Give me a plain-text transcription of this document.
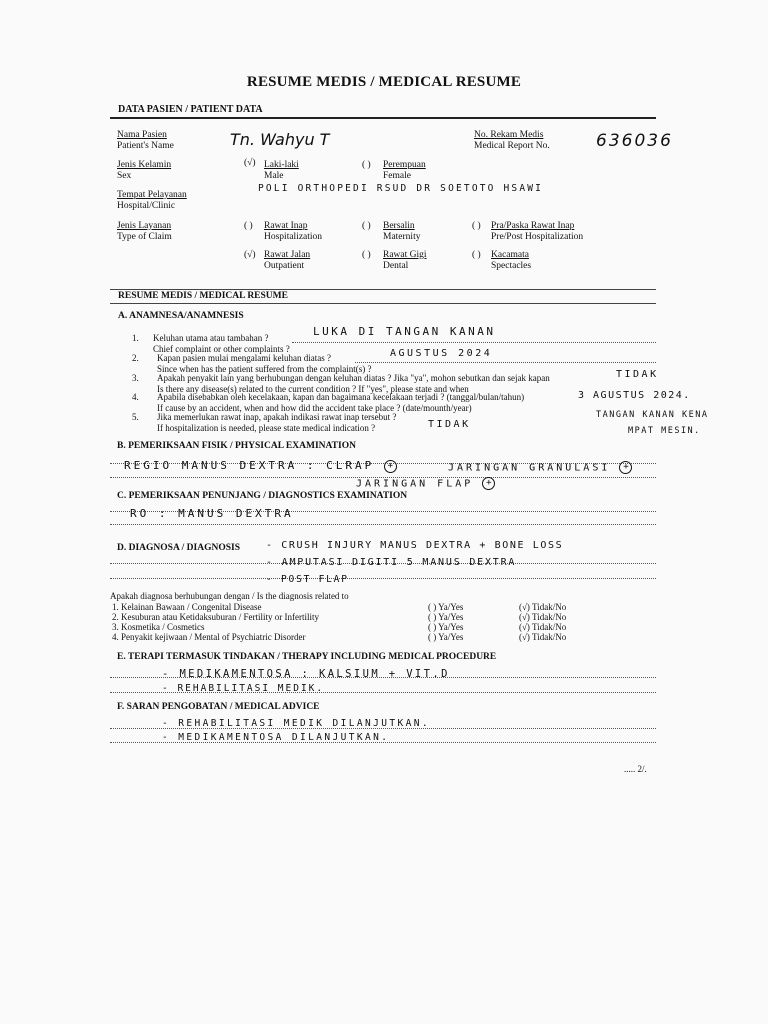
RESUME MEDIS / MEDICAL RESUME
DATA PASIEN / PATIENT DATA
Nama Pasien
Patient's Name	Tn. Wahyu T	No. Rekam Medis
Medical Report No.	636036
Jenis Kelamin
Sex
(√) Laki-laki
Male
( ) Perempuan
Female
Tempat Pelayanan
Hospital/Clinic
POLI ORTHOPEDI RSUD DR SOETOTO HSAWI
Jenis Layanan
Type of Claim
( ) Rawat Inap
Hospitalization
( ) Bersalin
Maternity
( ) Pra/Paska Rawat Inap
Pre/Post Hospitalization
(√) Rawat Jalan
Outpatient
( ) Rawat Gigi
Dental
( ) Kacamata
Spectacles
RESUME MEDIS / MEDICAL RESUME
A. ANAMNESA/ANAMNESIS
1. Keluhan utama atau tambahan ?
Chief complaint or other complaints ?
LUKA DI TANGAN KANAN
2. Kapan pasien mulai mengalami keluhan diatas ?
Since when has the patient suffered from the complaint(s) ?
AGUSTUS 2024
3. Apakah penyakit lain yang berhubungan dengan keluhan diatas ? Jika "ya", mohon sebutkan dan sejak kapan
Is there any disease(s) related to the current condition ? If "yes", please state and when
TIDAK
4. Apabila disebabkan oleh kecelakaan, kapan dan bagaimana kecelakaan terjadi ? (tanggal/bulan/tahun)
If cause by an accident, when and how did the accident take place ? (date/mounth/year)
3 AGUSTUS 2024.
5. Jika memerlukan rawat inap, apakah indikasi rawat inap tersebut ?
If hospitalization is needed, please state medical indication ?
TANGAN KANAN KENA
TIDAK
MPAT MESIN.
B. PEMERIKSAAN FISIK / PHYSICAL EXAMINATION
REGIO MANUS DEXTRA : CLRAP +	JARINGAN GRANULASI +
JARINGAN FLAP +
C. PEMERIKSAAN PENUNJANG / DIAGNOSTICS EXAMINATION
RO : MANUS DEXTRA
D. DIAGNOSA / DIAGNOSIS	- CRUSH INJURY MANUS DEXTRA + BONE LOSS
- AMPUTASI DIGITI 5 MANUS DEXTRA
- POST FLAP
Apakah diagnosa berhubungan dengan / Is the diagnosis related to
1. Kelainan Bawaan / Congenital Disease	( ) Ya/Yes	(√) Tidak/No
2. Kesuburan atau Ketidaksuburan / Fertility or Infertility	( ) Ya/Yes	(√) Tidak/No
3. Kosmetika / Cosmetics	( ) Ya/Yes	(√) Tidak/No
4. Penyakit kejiwaan / Mental of Psychiatric Disorder	( ) Ya/Yes	(√) Tidak/No
E. TERAPI TERMASUK TINDAKAN / THERAPY INCLUDING MEDICAL PROCEDURE
- MEDIKAMENTOSA : KALSIUM + VIT.D
- REHABILITASI MEDIK.
F. SARAN PENGOBATAN / MEDICAL ADVICE
- REHABILITASI MEDIK DILANJUTKAN.
- MEDIKAMENTOSA DILANJUTKAN.
..... 2/.
